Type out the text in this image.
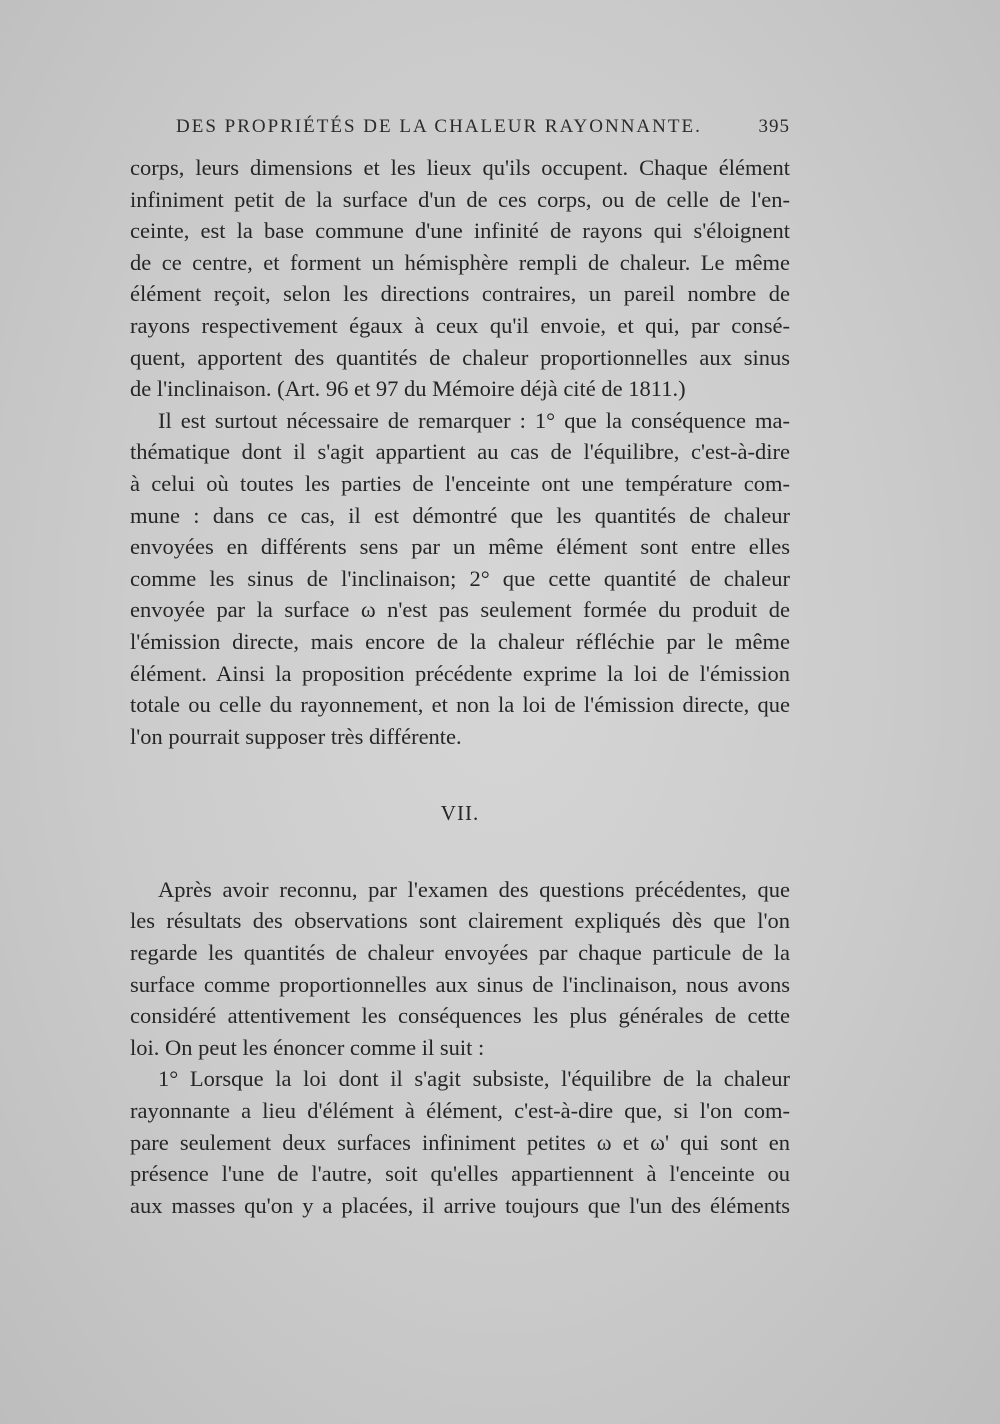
DES PROPRIÉTÉS DE LA CHALEUR RAYONNANTE.	395
corps, leurs dimensions et les lieux qu'ils occupent. Chaque élément
infiniment petit de la surface d'un de ces corps, ou de celle de l'en-
ceinte, est la base commune d'une infinité de rayons qui s'éloignent
de ce centre, et forment un hémisphère rempli de chaleur. Le même
élément reçoit, selon les directions contraires, un pareil nombre de
rayons respectivement égaux à ceux qu'il envoie, et qui, par consé-
quent, apportent des quantités de chaleur proportionnelles aux sinus
de l'inclinaison. (Art. 96 et 97 du Mémoire déjà cité de 1811.)
Il est surtout nécessaire de remarquer : 1° que la conséquence ma-
thématique dont il s'agit appartient au cas de l'équilibre, c'est-à-dire
à celui où toutes les parties de l'enceinte ont une température com-
mune : dans ce cas, il est démontré que les quantités de chaleur
envoyées en différents sens par un même élément sont entre elles
comme les sinus de l'inclinaison; 2° que cette quantité de chaleur
envoyée par la surface ω n'est pas seulement formée du produit de
l'émission directe, mais encore de la chaleur réfléchie par le même
élément. Ainsi la proposition précédente exprime la loi de l'émission
totale ou celle du rayonnement, et non la loi de l'émission directe, que
l'on pourrait supposer très différente.
VII.
Après avoir reconnu, par l'examen des questions précédentes, que
les résultats des observations sont clairement expliqués dès que l'on
regarde les quantités de chaleur envoyées par chaque particule de la
surface comme proportionnelles aux sinus de l'inclinaison, nous avons
considéré attentivement les conséquences les plus générales de cette
loi. On peut les énoncer comme il suit :
1° Lorsque la loi dont il s'agit subsiste, l'équilibre de la chaleur
rayonnante a lieu d'élément à élément, c'est-à-dire que, si l'on com-
pare seulement deux surfaces infiniment petites ω et ω' qui sont en
présence l'une de l'autre, soit qu'elles appartiennent à l'enceinte ou
aux masses qu'on y a placées, il arrive toujours que l'un des éléments
